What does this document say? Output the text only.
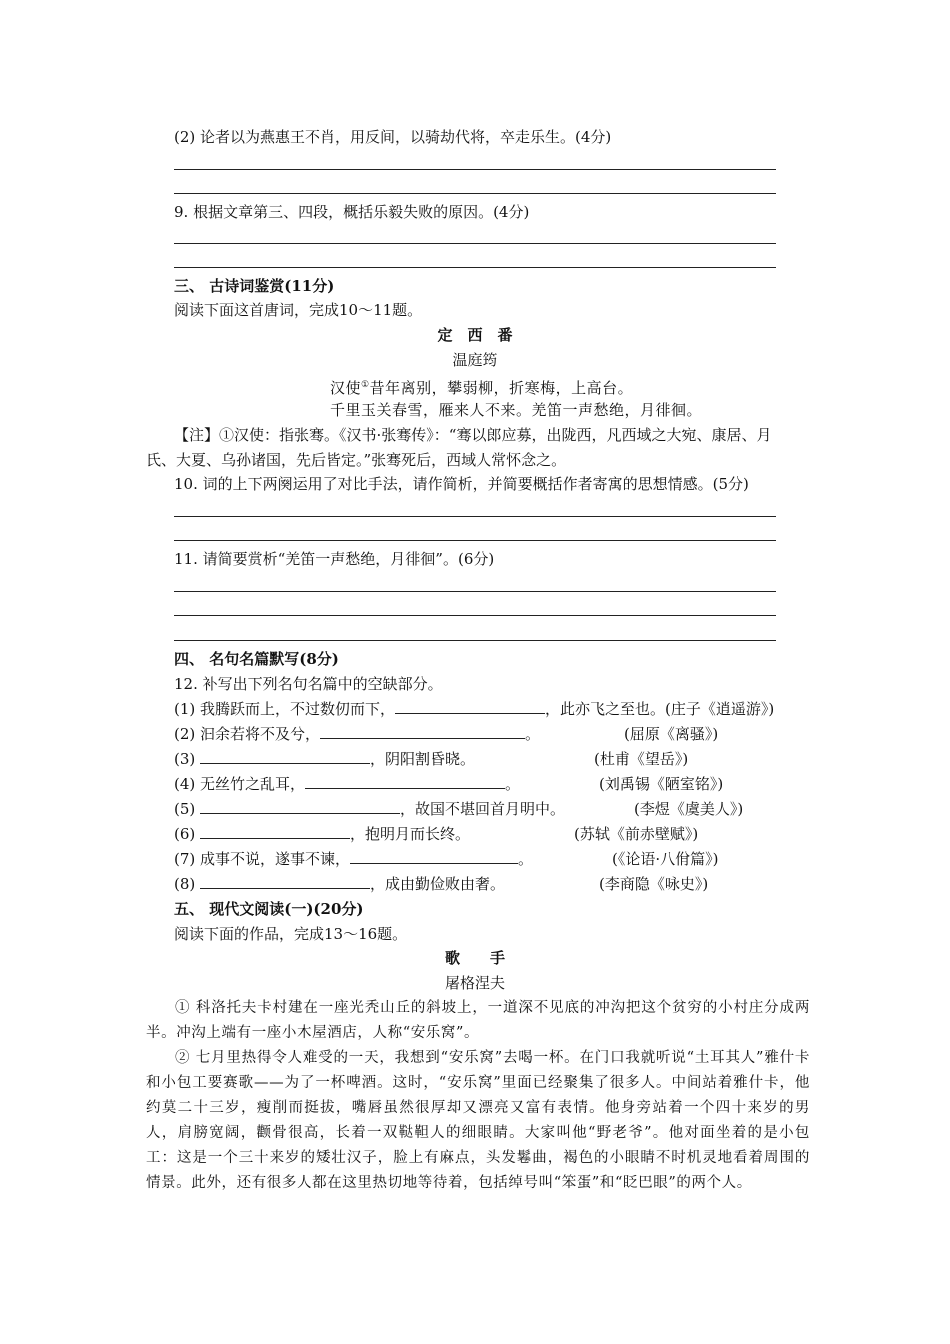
(2) 论者以为燕惠王不肖，用反间，以骑劫代将，卒走乐生。(4分)
9. 根据文章第三、四段，概括乐毅失败的原因。(4分)
三、 古诗词鉴赏(11分)
阅读下面这首唐词，完成10～11题。
定　西　番
温庭筠
汉使①昔年离别，攀弱柳，折寒梅，上高台。
千里玉关春雪，雁来人不来。羌笛一声愁绝，月徘徊。
【注】①汉使：指张骞。《汉书·张骞传》：“骞以郎应募，出陇西，凡西域之大宛、康居、月
氏、大夏、乌孙诸国，先后皆定。”张骞死后，西域人常怀念之。
10. 词的上下两阕运用了对比手法，请作简析，并简要概括作者寄寓的思想情感。(5分)
11. 请简要赏析“羌笛一声愁绝，月徘徊”。(6分)
四、 名句名篇默写(8分)
12. 补写出下列名句名篇中的空缺部分。
(1) 我腾跃而上，不过数仞而下，	，此亦飞之至也。(庄子《逍遥游》)
(2) 汩余若将不及兮，	。	(屈原《离骚》)
(3)	，阴阳割昏晓。	(杜甫《望岳》)
(4) 无丝竹之乱耳，	。	(刘禹锡《陋室铭》)
(5)	，故国不堪回首月明中。	(李煜《虞美人》)
(6)	，抱明月而长终。	(苏轼《前赤壁赋》)
(7) 成事不说，遂事不谏，	。	(《论语·八佾篇》)
(8)	，成由勤俭败由奢。	(李商隐《咏史》)
五、 现代文阅读(一)(20分)
阅读下面的作品，完成13～16题。
歌　　手
屠格涅夫
① 科洛托夫卡村建在一座光秃山丘的斜坡上，一道深不见底的冲沟把这个贫穷的小村庄分成两半。冲沟上端有一座小木屋酒店，人称“安乐窝”。
② 七月里热得令人难受的一天，我想到“安乐窝”去喝一杯。在门口我就听说“土耳其人”雅什卡和小包工要赛歌——为了一杯啤酒。这时，“安乐窝”里面已经聚集了很多人。中间站着雅什卡，他约莫二十三岁，瘦削而挺拔，嘴唇虽然很厚却又漂亮又富有表情。他身旁站着一个四十来岁的男人，肩膀宽阔，颧骨很高，长着一双鞑靼人的细眼睛。大家叫他“野老爷”。他对面坐着的是小包工：这是一个三十来岁的矮壮汉子，脸上有麻点，头发鬈曲，褐色的小眼睛不时机灵地看着周围的情景。此外，还有很多人都在这里热切地等待着，包括绰号叫“笨蛋”和“眨巴眼”的两个人。
